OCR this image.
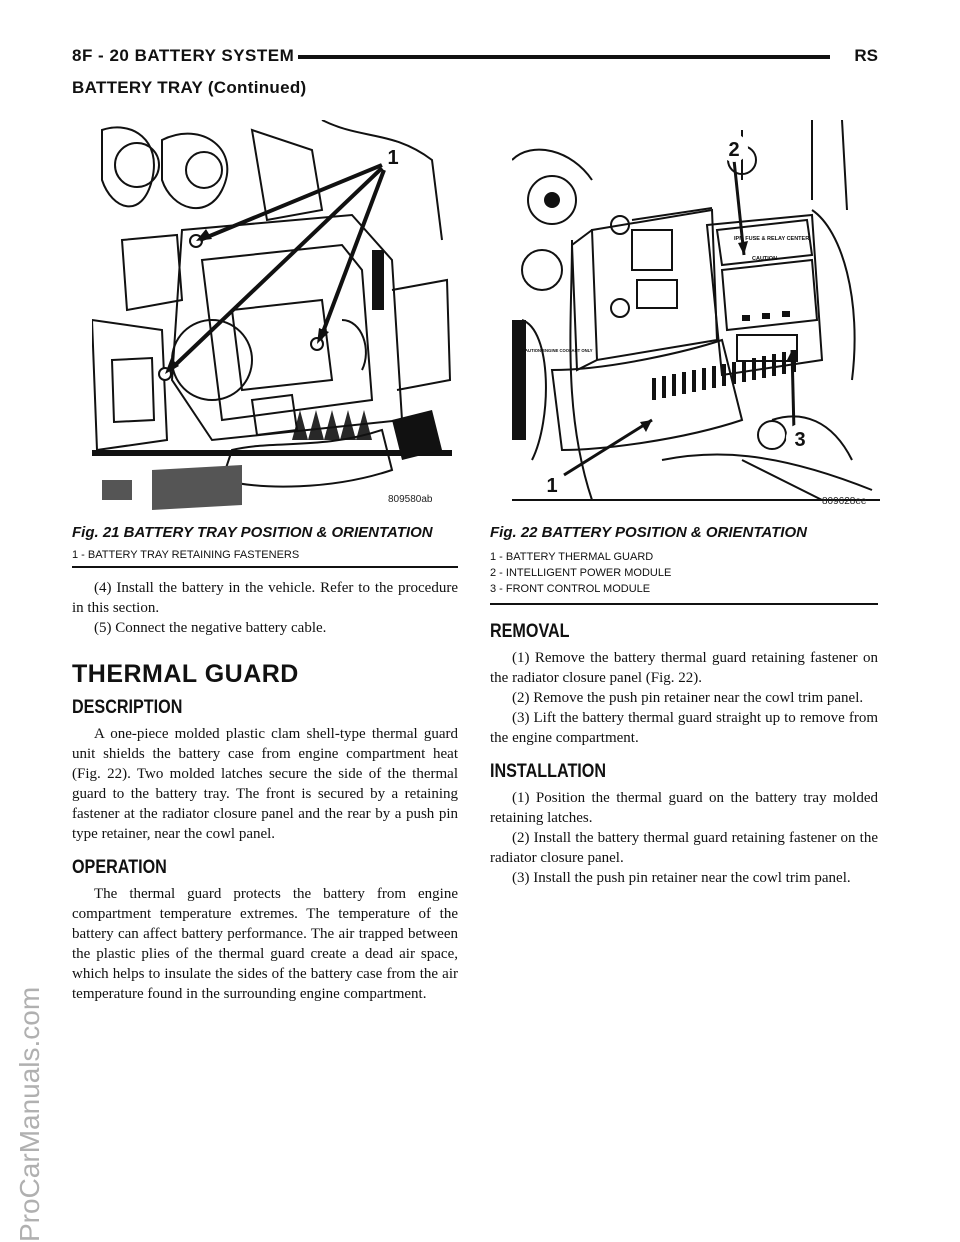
8F - 20 BATTERY SYSTEM	RS
BATTERY TRAY (Continued)
1
809580ab
IPM FUSE & RELAY CENTER
CAUTION
CAUTION ENGINE COOLANT ONLY
1
2
3
809628ee
Fig. 21 BATTERY TRAY POSITION & ORIENTATION
1 - BATTERY TRAY RETAINING FASTENERS
Fig. 22 BATTERY POSITION & ORIENTATION
1 - BATTERY THERMAL GUARD
2 - INTELLIGENT POWER MODULE
3 - FRONT CONTROL MODULE

(4) Install the battery in the vehicle. Refer to the procedure in this section.

(5) Connect the negative battery cable.

THERMAL GUARD
DESCRIPTION

A one-piece molded plastic clam shell-type thermal guard unit shields the battery case from engine compartment heat (Fig. 22). Two molded latches secure the side of the thermal guard to the battery tray. The front is secured by a retaining fastener at the radiator closure panel and the rear by a push pin type retainer, near the cowl panel.

OPERATION

The thermal guard protects the battery from engine compartment temperature extremes. The temperature of the battery can affect battery performance. The air trapped between the plastic plies of the thermal guard create a dead air space, which helps to insulate the sides of the battery case from the air temperature found in the surrounding engine compartment.

REMOVAL

(1) Remove the battery thermal guard retaining fastener on the radiator closure panel (Fig. 22).

(2) Remove the push pin retainer near the cowl trim panel.

(3) Lift the battery thermal guard straight up to remove from the engine compartment.

INSTALLATION

(1) Position the thermal guard on the battery tray molded retaining latches.

(2) Install the battery thermal guard retaining fastener on the radiator closure panel.

(3) Install the push pin retainer near the cowl trim panel.

ProCarManuals.com
